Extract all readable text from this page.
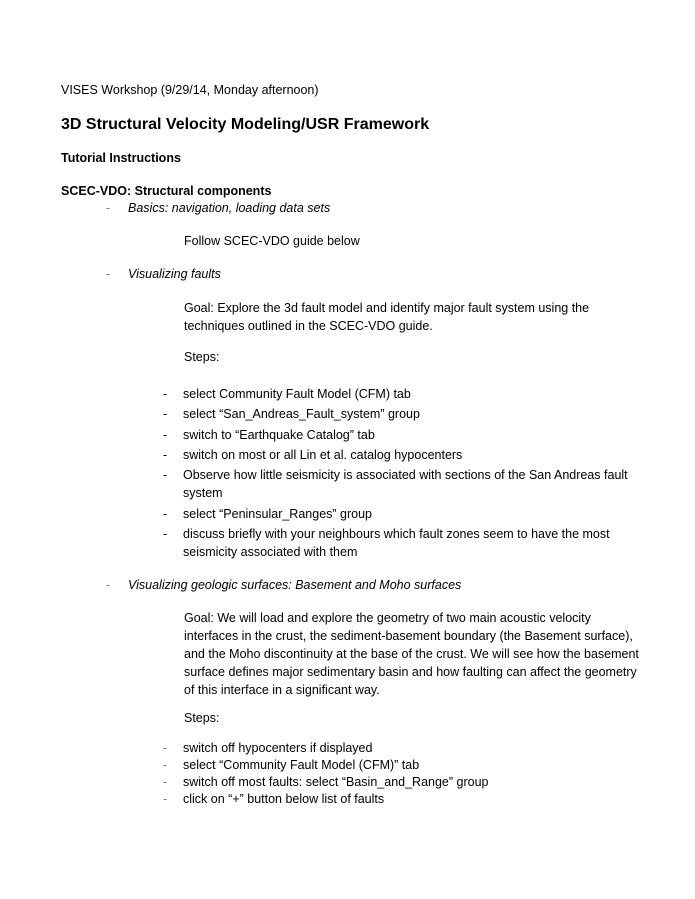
VISES Workshop (9/29/14, Monday afternoon)
3D Structural Velocity Modeling/USR Framework
Tutorial Instructions
SCEC-VDO: Structural components
- Basics: navigation, loading data sets
Follow SCEC-VDO guide below
- Visualizing faults
Goal: Explore the 3d fault model and identify major fault system using the techniques outlined in the SCEC-VDO guide.
Steps:
- select Community Fault Model (CFM) tab
- select “San_Andreas_Fault_system” group
- switch to “Earthquake Catalog” tab
- switch on most or all Lin et al. catalog hypocenters
- Observe how little seismicity is associated with sections of the San Andreas fault system
- select “Peninsular_Ranges” group
- discuss briefly with your neighbours which fault zones seem to have the most seismicity associated with them
- Visualizing geologic surfaces: Basement and Moho surfaces
Goal: We will load and explore the geometry of two main acoustic velocity interfaces in the crust, the sediment-basement boundary (the Basement surface), and the Moho discontinuity at the base of the crust. We will see how the basement surface defines major sedimentary basin and how faulting can affect the geometry of this interface in a significant way.
Steps:
- switch off hypocenters if displayed
- select “Community Fault Model (CFM)” tab
- switch off most faults: select “Basin_and_Range” group
- click on “+” button below list of faults
